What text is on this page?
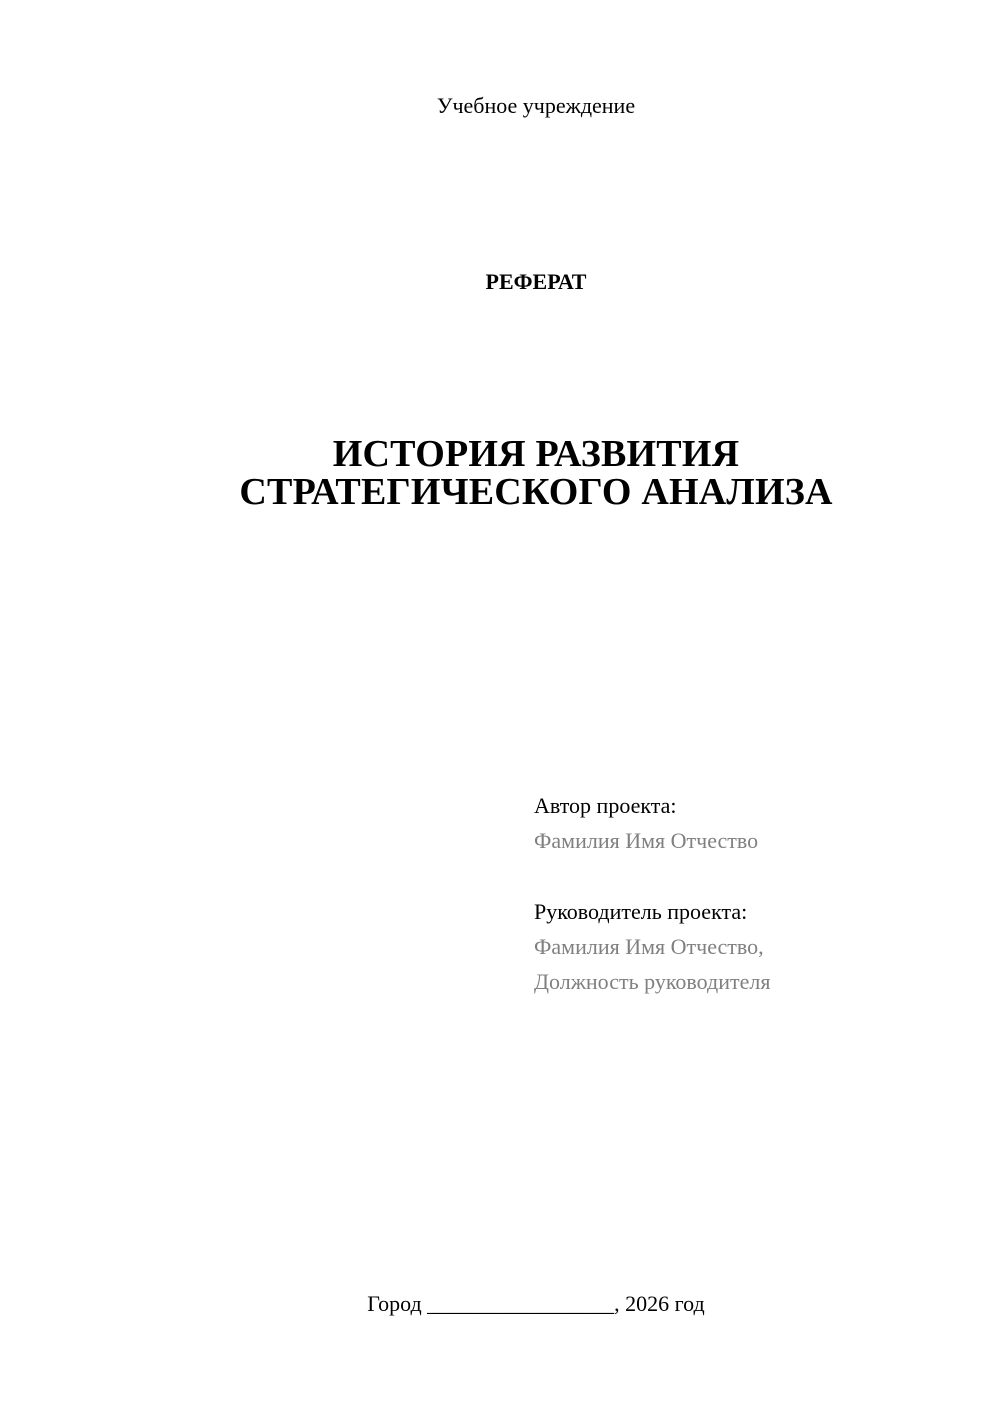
Учебное учреждение
РЕФЕРАТ
ИСТОРИЯ РАЗВИТИЯ
СТРАТЕГИЧЕСКОГО АНАЛИЗА
Автор проекта:
Фамилия Имя Отчество
Руководитель проекта:
Фамилия Имя Отчество,
Должность руководителя
Город _________________, 2026 год
